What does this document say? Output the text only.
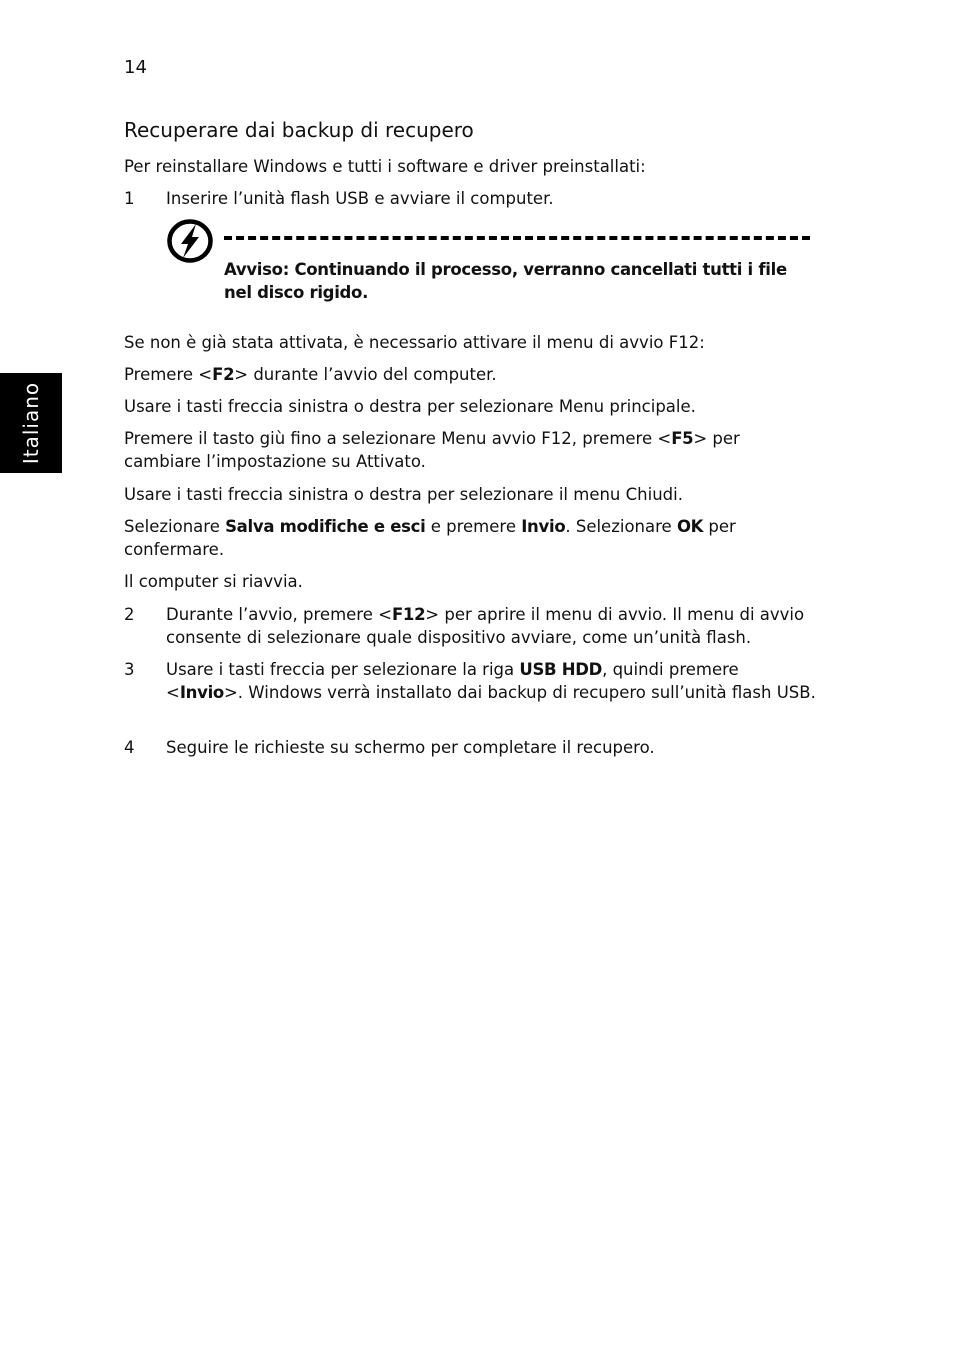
14
Italiano
Recuperare dai backup di recupero
Per reinstallare Windows e tutti i software e driver preinstallati:
1 Inserire l’unità flash USB e avviare il computer.
Avviso: Continuando il processo, verranno cancellati tutti i file nel disco rigido.
Se non è già stata attivata, è necessario attivare il menu di avvio F12:
Premere <F2> durante l’avvio del computer.
Usare i tasti freccia sinistra o destra per selezionare Menu principale.
Premere il tasto giù fino a selezionare Menu avvio F12, premere <F5> per cambiare l’impostazione su Attivato.
Usare i tasti freccia sinistra o destra per selezionare il menu Chiudi.
Selezionare Salva modifiche e esci e premere Invio. Selezionare OK per confermare.
Il computer si riavvia.
2 Durante l’avvio, premere <F12> per aprire il menu di avvio. Il menu di avvio consente di selezionare quale dispositivo avviare, come un’unità flash.
3 Usare i tasti freccia per selezionare la riga USB HDD, quindi premere <Invio>. Windows verrà installato dai backup di recupero sull’unità flash USB.
4 Seguire le richieste su schermo per completare il recupero.
